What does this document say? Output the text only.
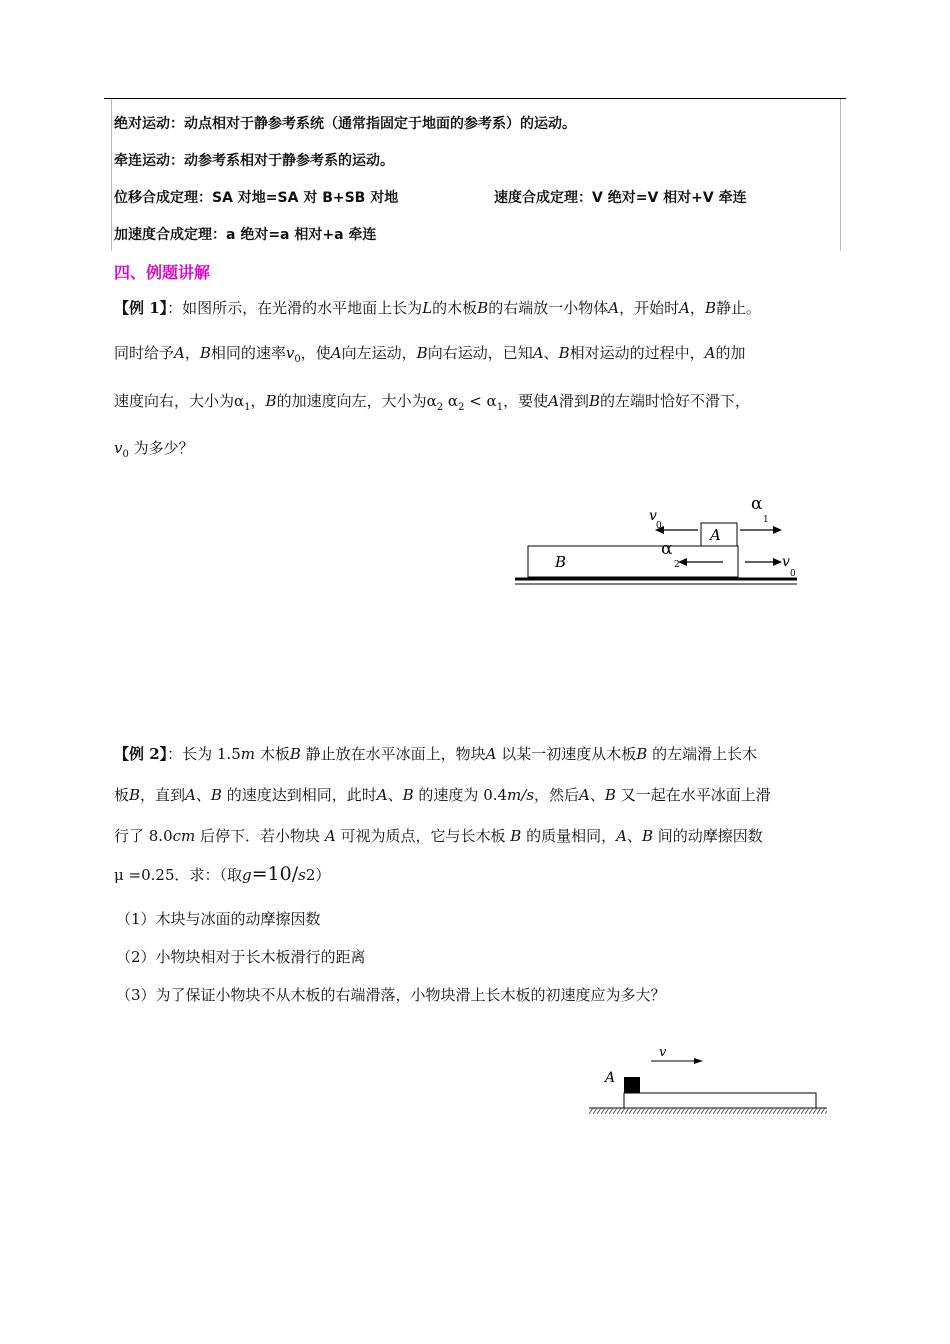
绝对运动：动点相对于静参考系统（通常指固定于地面的参考系）的运动。
牵连运动：动参考系相对于静参考系的运动。
位移合成定理：SA 对地=SA 对 B+SB 对地	速度合成定理：V 绝对=V 相对+V 牵连
加速度合成定理：a 绝对=a 相对+a 牵连
四、例题讲解
【例 1】：如图所示，在光滑的水平地面上长为L的木板B的右端放一小物体A，开始时A，B静止。
同时给予A，B相同的速率$v_0$，使A向左运动，B向右运动，已知A、B相对运动的过程中，A的加
速度向右，大小为$\alpha_1$，B的加速度向左，大小为$\alpha_2$ $\alpha_2 < \alpha_1$，要使A滑到B的左端时恰好不滑下，
$v_0$ 为多少？
A
B
v
0
α
1
α
2	v
0
【例 2】：长为 1.5m 木板B 静止放在水平冰面上，物块A 以某一初速度从木板B 的左端滑上长木
板B，直到A、B 的速度达到相同，此时A、B 的速度为 0.4m/s，然后A、B 又一起在水平冰面上滑
行了 8.0cm 后停下．若小物块 A 可视为质点，它与长木板 B 的质量相同，A、B 间的动摩擦因数
μ =0.25．求：（取g=10/s2）
（1）木块与冰面的动摩擦因数
（2）小物块相对于长木板滑行的距离
（3）为了保证小物块不从木板的右端滑落，小物块滑上长木板的初速度应为多大？
v
A
